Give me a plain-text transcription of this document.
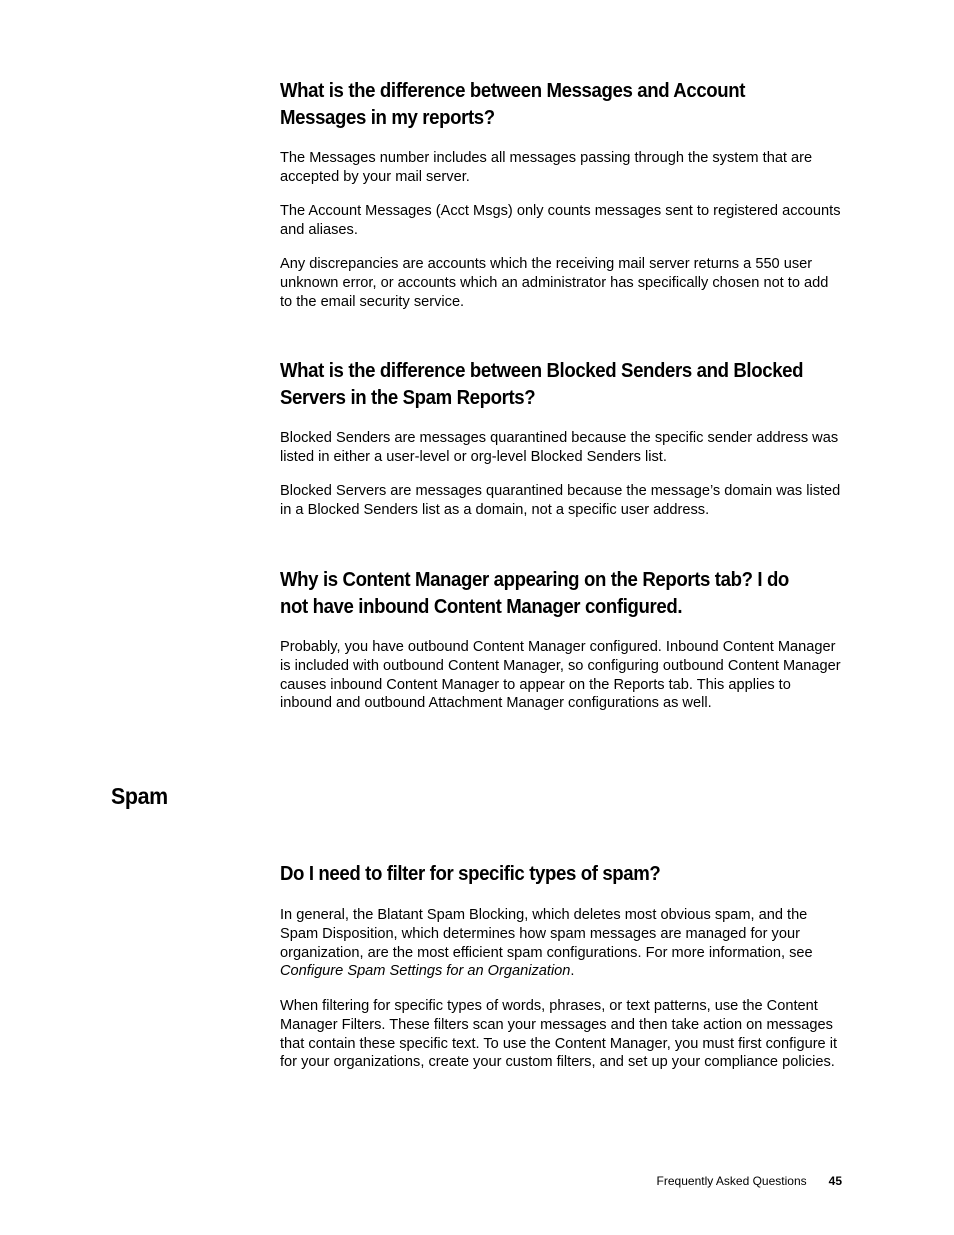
What is the difference between Messages and Account Messages in my reports?

The Messages number includes all messages passing through the system that are accepted by your mail server.

The Account Messages (Acct Msgs) only counts messages sent to registered accounts and aliases.

Any discrepancies are accounts which the receiving mail server returns a 550 user unknown error, or accounts which an administrator has specifically chosen not to add to the email security service.

What is the difference between Blocked Senders and Blocked Servers in the Spam Reports?

Blocked Senders are messages quarantined because the specific sender address was listed in either a user-level or org-level Blocked Senders list.

Blocked Servers are messages quarantined because the message’s domain was listed in a Blocked Senders list as a domain, not a specific user address.

Why is Content Manager appearing on the Reports tab? I do not have inbound Content Manager configured.

Probably, you have outbound Content Manager configured. Inbound Content Manager is included with outbound Content Manager, so configuring outbound Content Manager causes inbound Content Manager to appear on the Reports tab. This applies to inbound and outbound Attachment Manager configurations as well.

Spam
Do I need to filter for specific types of spam?

In general, the Blatant Spam Blocking, which deletes most obvious spam, and the Spam Disposition, which determines how spam messages are managed for your organization, are the most efficient spam configurations. For more information, see Configure Spam Settings for an Organization.

When filtering for specific types of words, phrases, or text patterns, use the Content Manager Filters. These filters scan your messages and then take action on messages that contain these specific text. To use the Content Manager, you must first configure it for your organizations, create your custom filters, and set up your compliance policies.

Frequently Asked Questions 45
